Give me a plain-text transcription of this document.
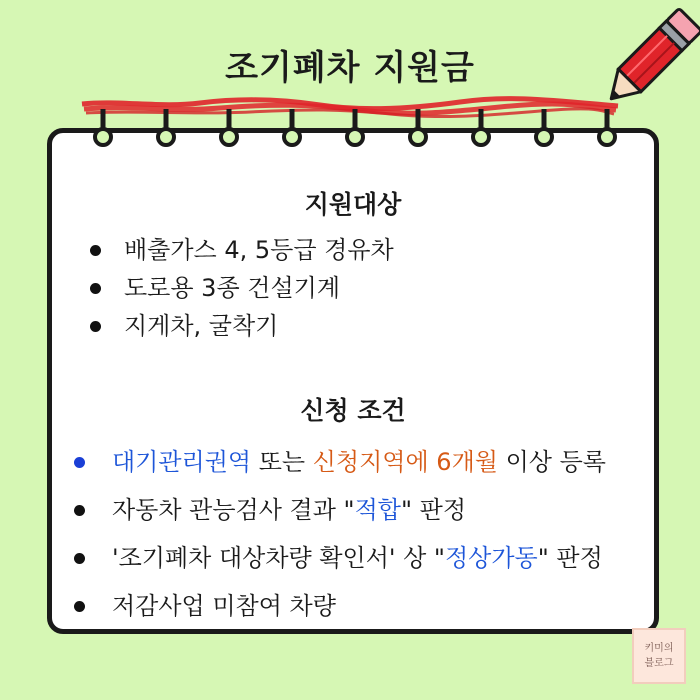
조기폐차 지원금
지원대상
배출가스 4, 5등급 경유차
도로용 3종 건설기계
지게차, 굴착기
신청 조건
대기관리권역 또는 신청지역에 6개월 이상 등록
자동차 관능검사 결과 "적합" 판정
'조기폐차 대상차량 확인서' 상 "정상가동" 판정
저감사업 미참여 차량
키미의
블로그
